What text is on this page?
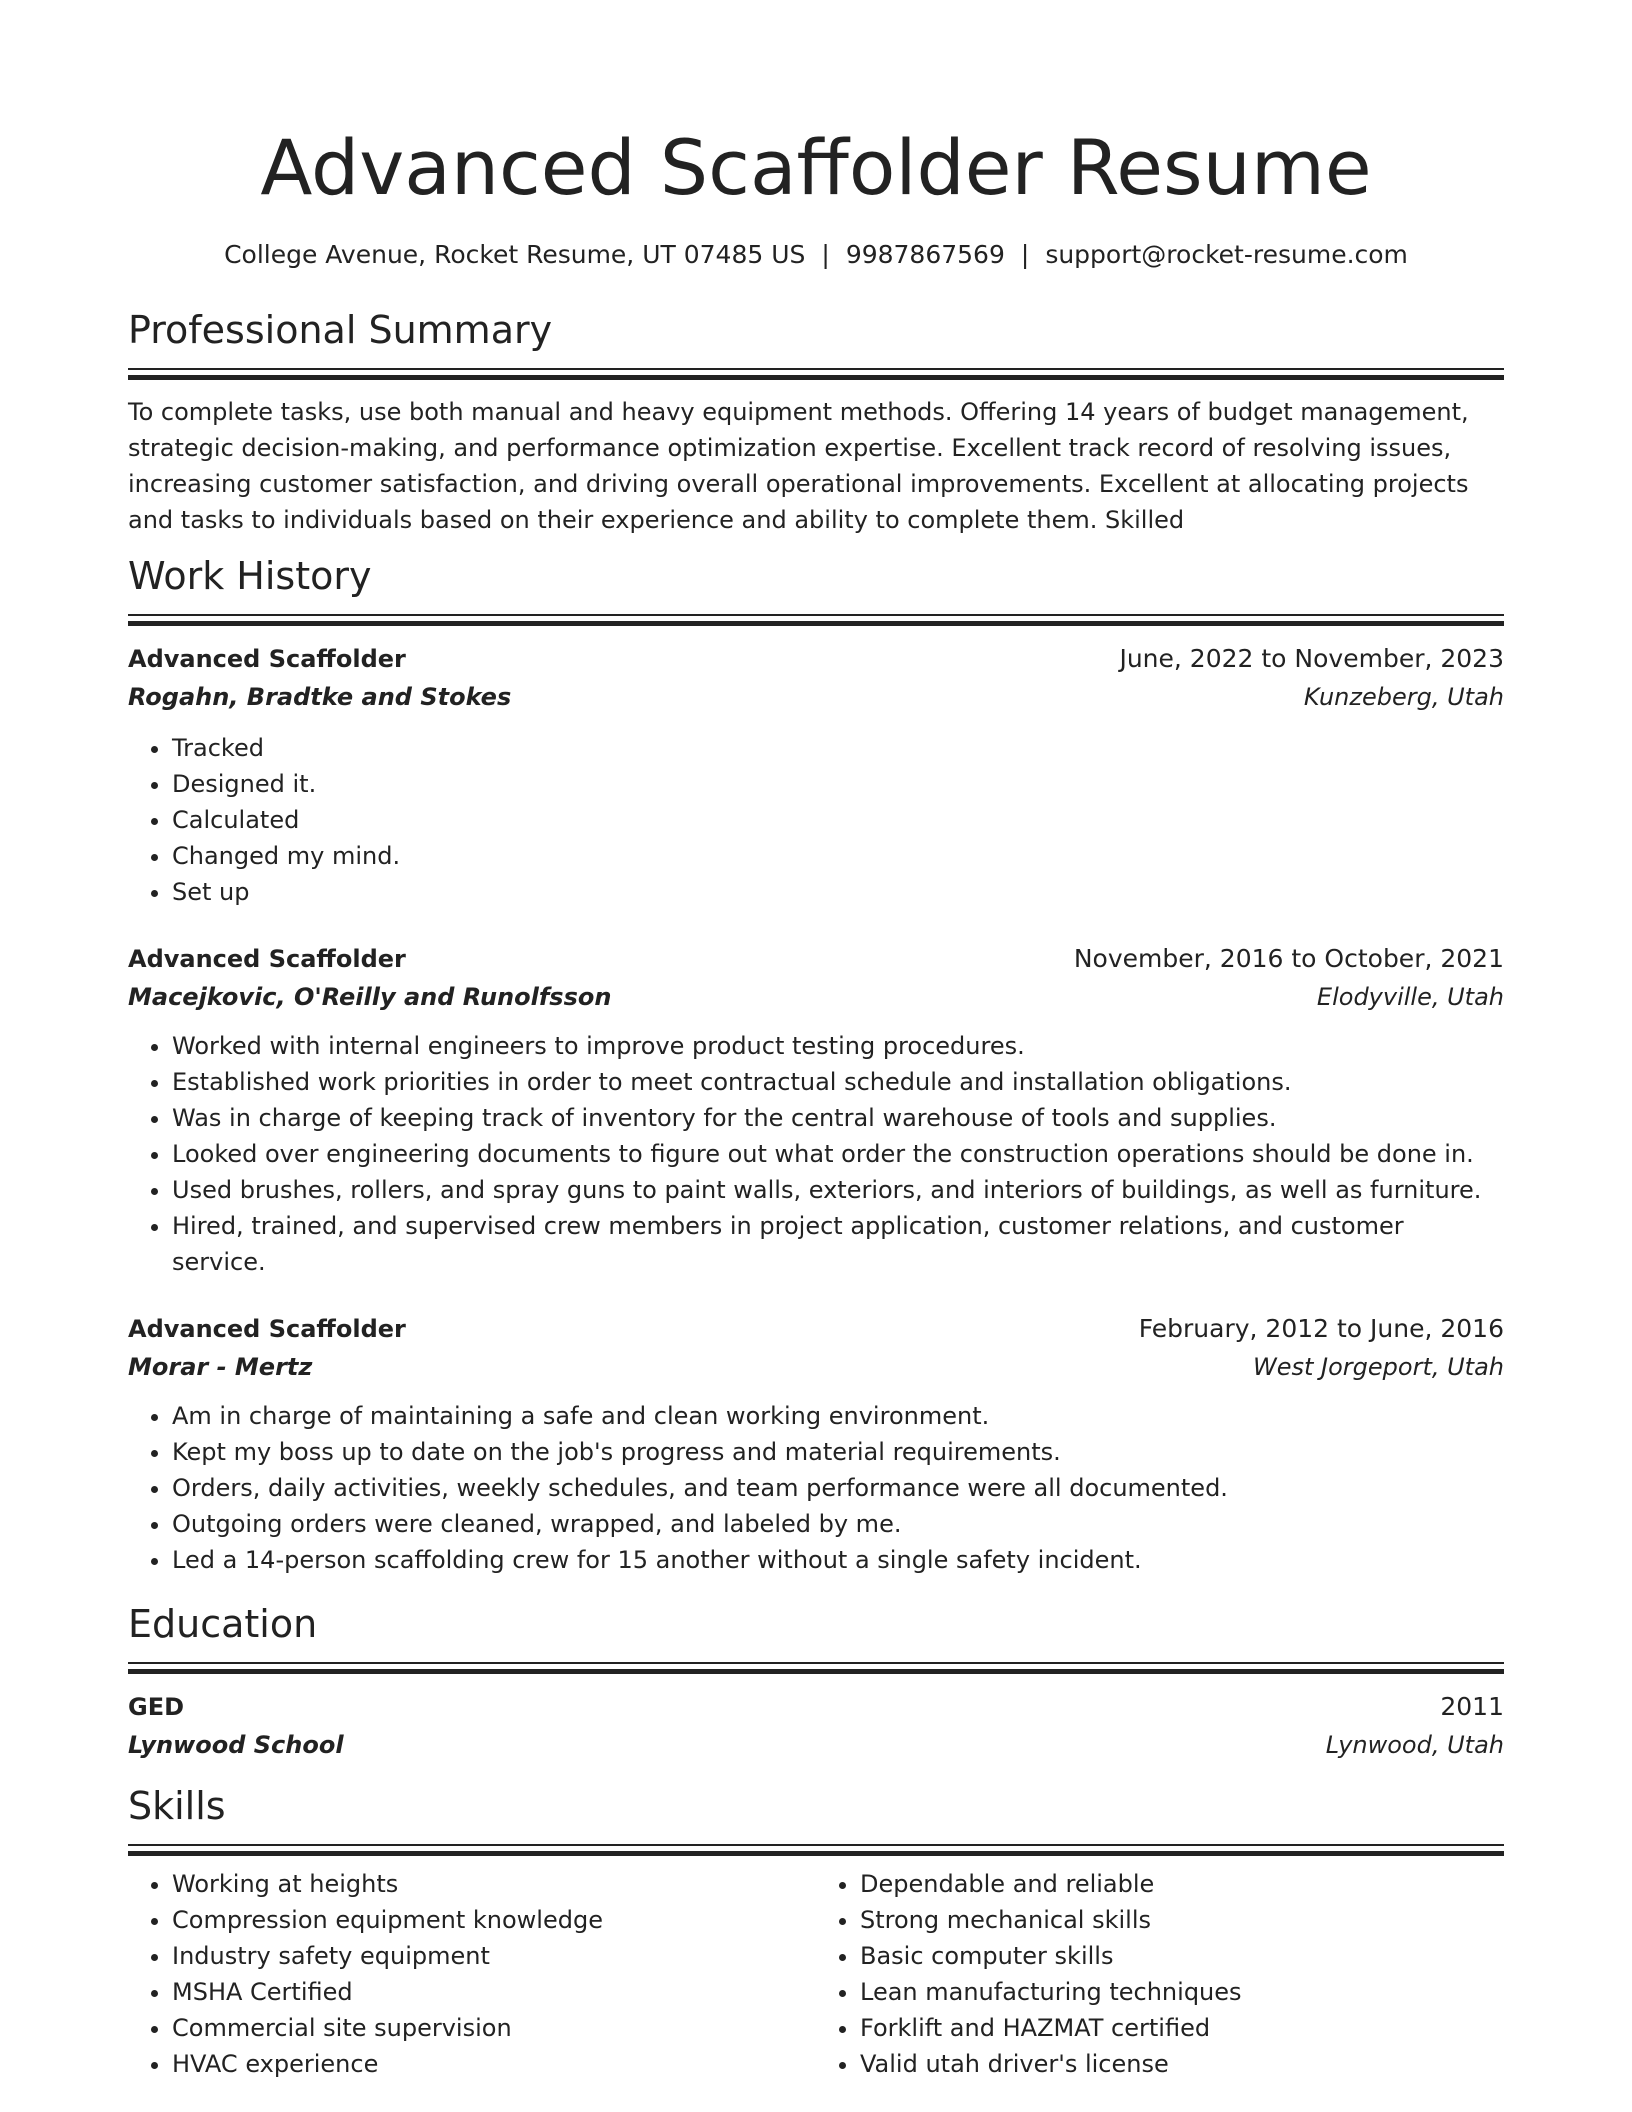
Advanced Scaffolder Resume
College Avenue, Rocket Resume, UT 07485 US | 9987867569 | support@rocket-resume.com
Professional Summary
To complete tasks, use both manual and heavy equipment methods. Offering 14 years of budget management, strategic decision-making, and performance optimization expertise. Excellent track record of resolving issues, increasing customer satisfaction, and driving overall operational improvements. Excellent at allocating projects and tasks to individuals based on their experience and ability to complete them. Skilled
Work History
Advanced Scaffolder	June, 2022 to November, 2023
Rogahn, Bradtke and Stokes	Kunzeberg, Utah
• Tracked
• Designed it.
• Calculated
• Changed my mind.
• Set up
Advanced Scaffolder	November, 2016 to October, 2021
Macejkovic, O'Reilly and Runolfsson	Elodyville, Utah
• Worked with internal engineers to improve product testing procedures.
• Established work priorities in order to meet contractual schedule and installation obligations.
• Was in charge of keeping track of inventory for the central warehouse of tools and supplies.
• Looked over engineering documents to figure out what order the construction operations should be done in.
• Used brushes, rollers, and spray guns to paint walls, exteriors, and interiors of buildings, as well as furniture.
• Hired, trained, and supervised crew members in project application, customer relations, and customer service.
Advanced Scaffolder	February, 2012 to June, 2016
Morar - Mertz	West Jorgeport, Utah
• Am in charge of maintaining a safe and clean working environment.
• Kept my boss up to date on the job's progress and material requirements.
• Orders, daily activities, weekly schedules, and team performance were all documented.
• Outgoing orders were cleaned, wrapped, and labeled by me.
• Led a 14-person scaffolding crew for 15 another without a single safety incident.
Education
GED	2011
Lynwood School	Lynwood, Utah
Skills
• Working at heights
• Compression equipment knowledge
• Industry safety equipment
• MSHA Certified
• Commercial site supervision
• HVAC experience
• Dependable and reliable
• Strong mechanical skills
• Basic computer skills
• Lean manufacturing techniques
• Forklift and HAZMAT certified
• Valid utah driver's license
